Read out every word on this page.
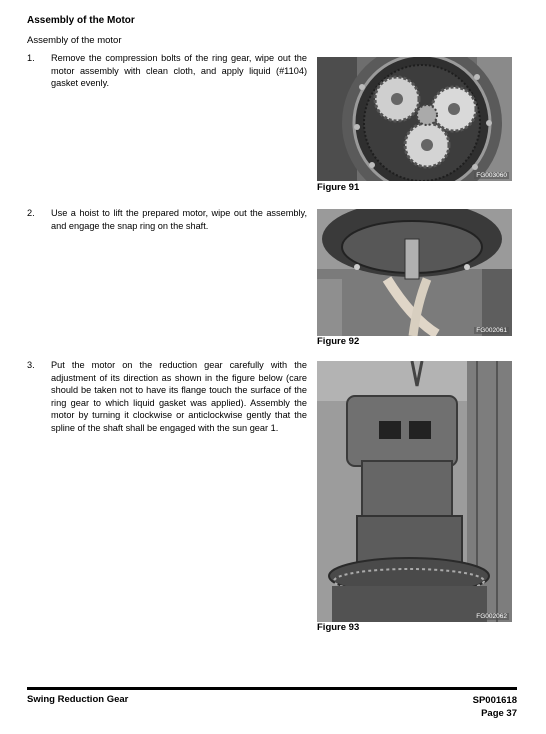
Assembly of the Motor
Assembly of the motor
1. Remove the compression bolts of the ring gear, wipe out the motor assembly with clean cloth, and apply liquid (#1104) gasket evenly.
2. Use a hoist to lift the prepared motor, wipe out the assembly, and engage the snap ring on the shaft.
3. Put the motor on the reduction gear carefully with the adjustment of its direction as shown in the figure below (care should be taken not to have its flange touch the surface of the ring gear to which liquid gasket was applied). Assembly the motor by turning it clockwise or anticlockwise gently that the spline of the shaft shall be engaged with the sun gear 1.
FG003060
Figure 91
FG002061
Figure 92
FG002062
Figure 93
Swing Reduction Gear	SP001618
Page 37
